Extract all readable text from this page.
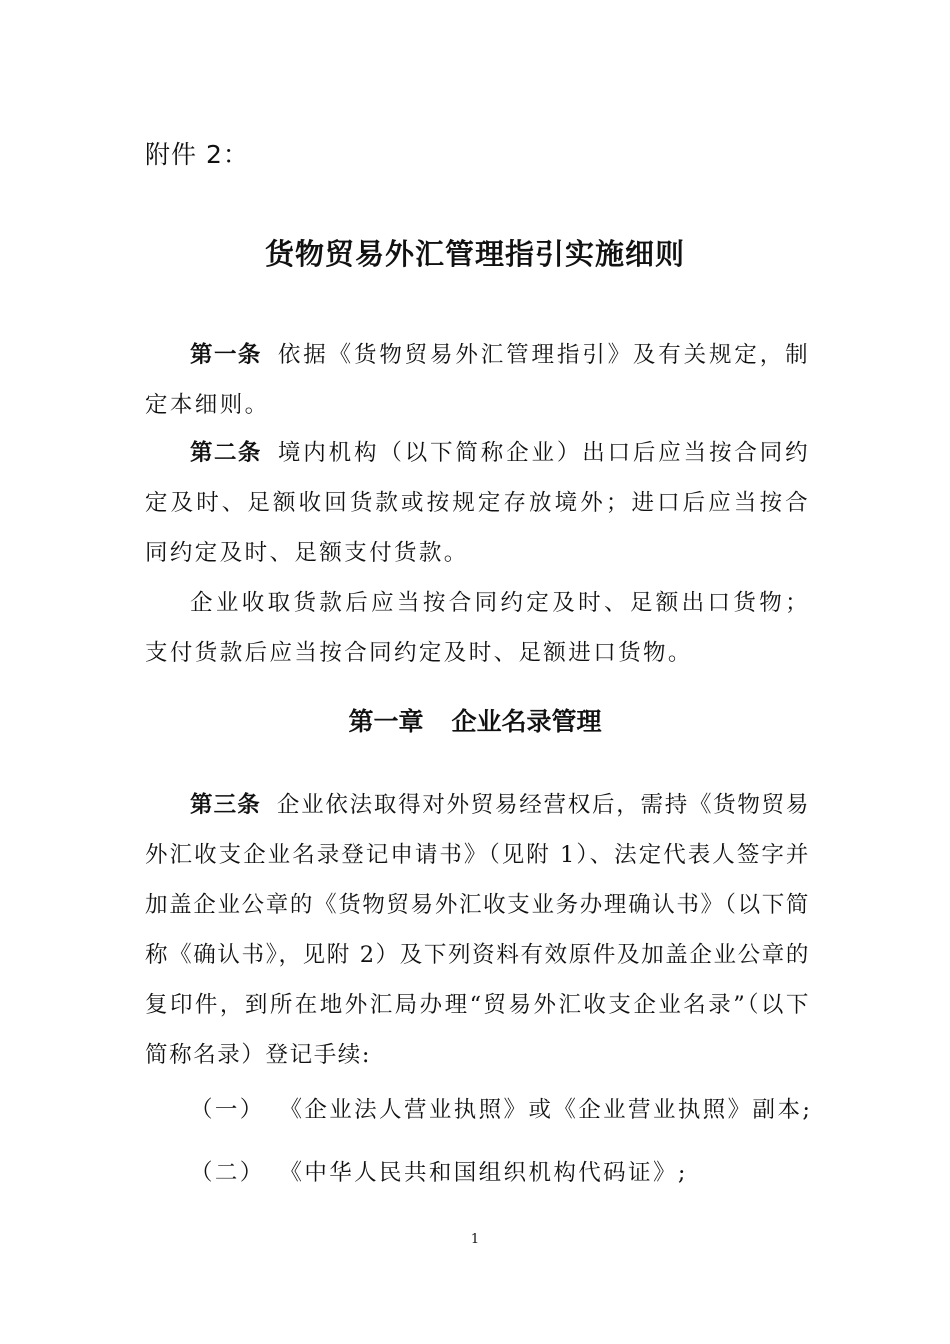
附件 2：
货物贸易外汇管理指引实施细则
第一条 依据《货物贸易外汇管理指引》及有关规定，制定本细则。
第二条 境内机构（以下简称企业）出口后应当按合同约定及时、足额收回货款或按规定存放境外；进口后应当按合同约定及时、足额支付货款。
企业收取货款后应当按合同约定及时、足额出口货物；支付货款后应当按合同约定及时、足额进口货物。
第一章 企业名录管理
第三条 企业依法取得对外贸易经营权后，需持《货物贸易外汇收支企业名录登记申请书》（见附 1）、法定代表人签字并加盖企业公章的《货物贸易外汇收支业务办理确认书》（以下简称《确认书》，见附 2）及下列资料有效原件及加盖企业公章的复印件，到所在地外汇局办理“贸易外汇收支企业名录”（以下简称名录）登记手续:
（一） 《企业法人营业执照》或《企业营业执照》副本;
（二） 《中华人民共和国组织机构代码证》;
1
